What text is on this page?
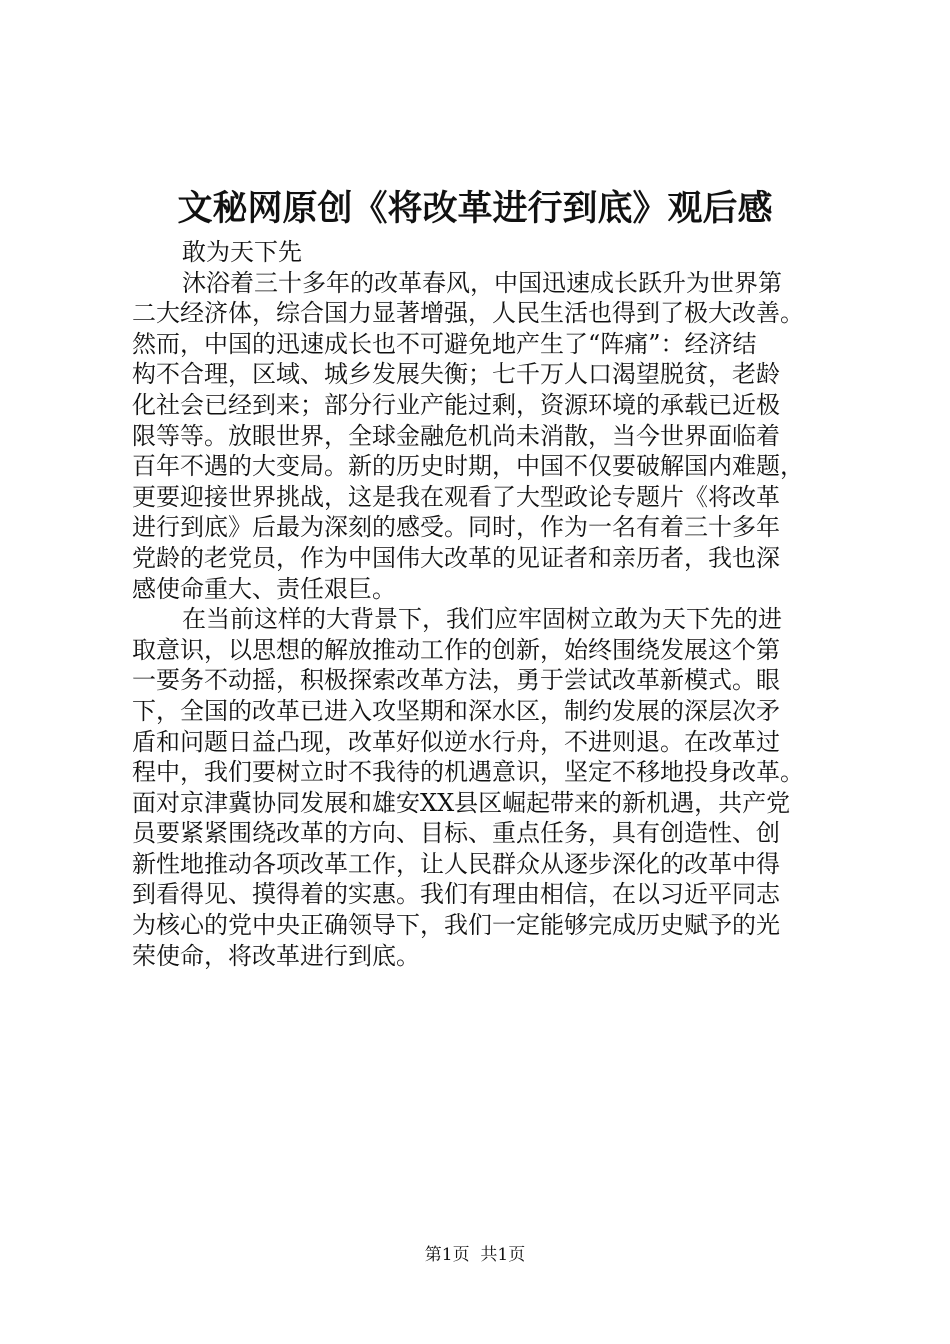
文秘网原创《将改革进行到底》观后感
敢为天下先
沐浴着三十多年的改革春风，中国迅速成长跃升为世界第
二大经济体，综合国力显著增强，人民生活也得到了极大改善。
然而，中国的迅速成长也不可避免地产生了“阵痛”：经济结
构不合理，区域、城乡发展失衡；七千万人口渴望脱贫，老龄
化社会已经到来；部分行业产能过剩，资源环境的承载已近极
限等等。放眼世界，全球金融危机尚未消散，当今世界面临着
百年不遇的大变局。新的历史时期，中国不仅要破解国内难题，
更要迎接世界挑战，这是我在观看了大型政论专题片《将改革
进行到底》后最为深刻的感受。同时，作为一名有着三十多年
党龄的老党员，作为中国伟大改革的见证者和亲历者，我也深
感使命重大、责任艰巨。
在当前这样的大背景下，我们应牢固树立敢为天下先的进
取意识，以思想的解放推动工作的创新，始终围绕发展这个第
一要务不动摇，积极探索改革方法，勇于尝试改革新模式。眼
下，全国的改革已进入攻坚期和深水区，制约发展的深层次矛
盾和问题日益凸现，改革好似逆水行舟，不进则退。在改革过
程中，我们要树立时不我待的机遇意识，坚定不移地投身改革。
面对京津冀协同发展和雄安XX县区崛起带来的新机遇，共产党
员要紧紧围绕改革的方向、目标、重点任务，具有创造性、创
新性地推动各项改革工作，让人民群众从逐步深化的改革中得
到看得见、摸得着的实惠。我们有理由相信，在以习近平同志
为核心的党中央正确领导下，我们一定能够完成历史赋予的光
荣使命，将改革进行到底。
第1页  共1页
